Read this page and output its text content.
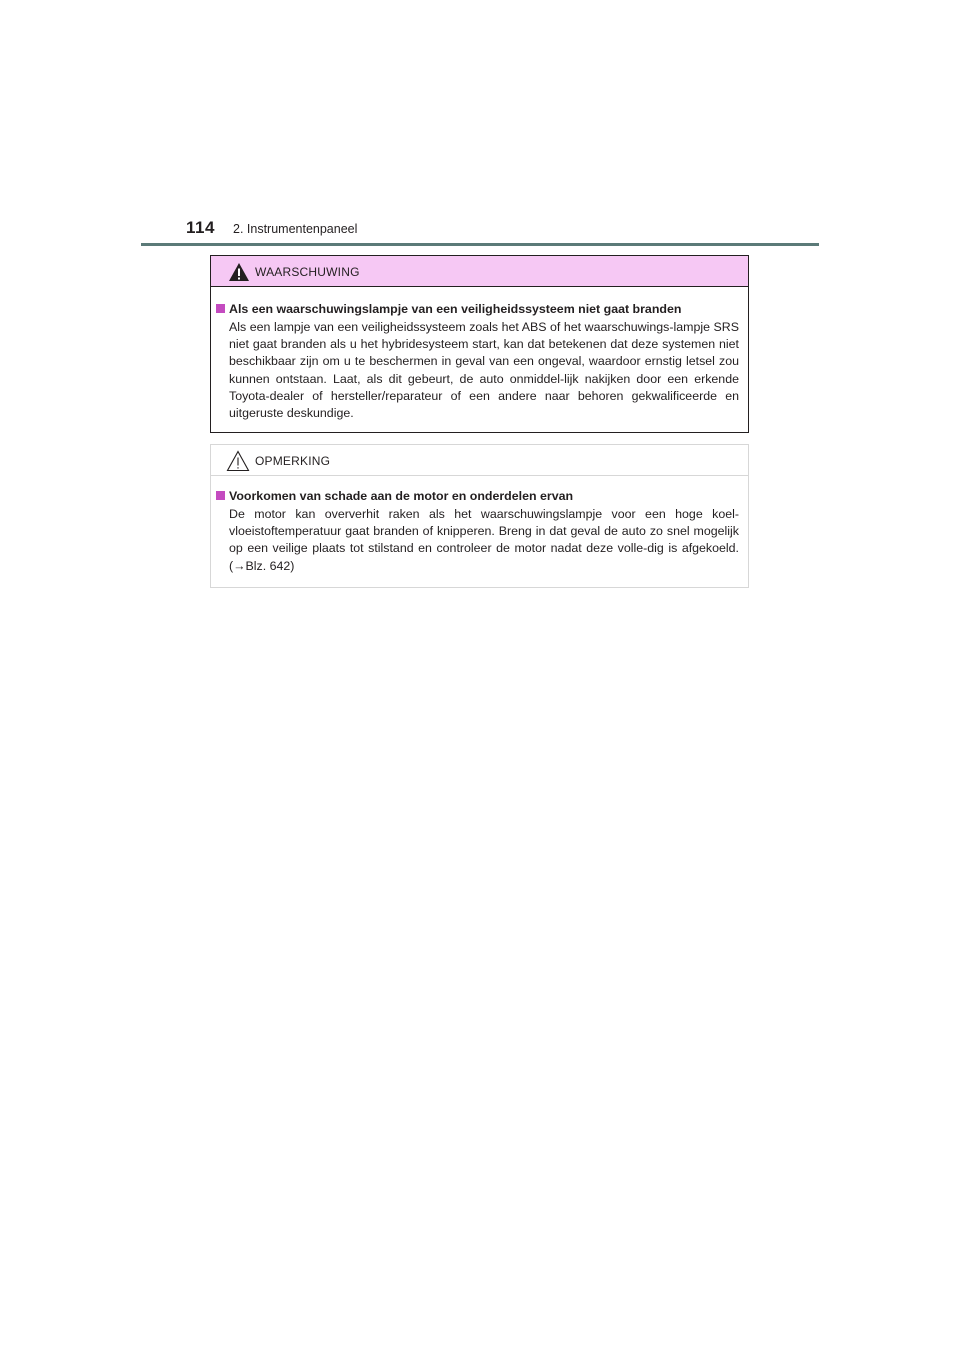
114 2. Instrumentenpaneel
WAARSCHUWING
Als een waarschuwingslampje van een veiligheidssysteem niet gaat branden
Als een lampje van een veiligheidssysteem zoals het ABS of het waarschuwings-lampje SRS niet gaat branden als u het hybridesysteem start, kan dat betekenen dat deze systemen niet beschikbaar zijn om u te beschermen in geval van een ongeval, waardoor ernstig letsel zou kunnen ontstaan. Laat, als dit gebeurt, de auto onmiddel-lijk nakijken door een erkende Toyota-dealer of hersteller/reparateur of een andere naar behoren gekwalificeerde en uitgeruste deskundige.
OPMERKING
Voorkomen van schade aan de motor en onderdelen ervan
De motor kan oververhit raken als het waarschuwingslampje voor een hoge koel-vloeistoftemperatuur gaat branden of knipperen. Breng in dat geval de auto zo snel mogelijk op een veilige plaats tot stilstand en controleer de motor nadat deze volle-dig is afgekoeld. (→Blz. 642)
